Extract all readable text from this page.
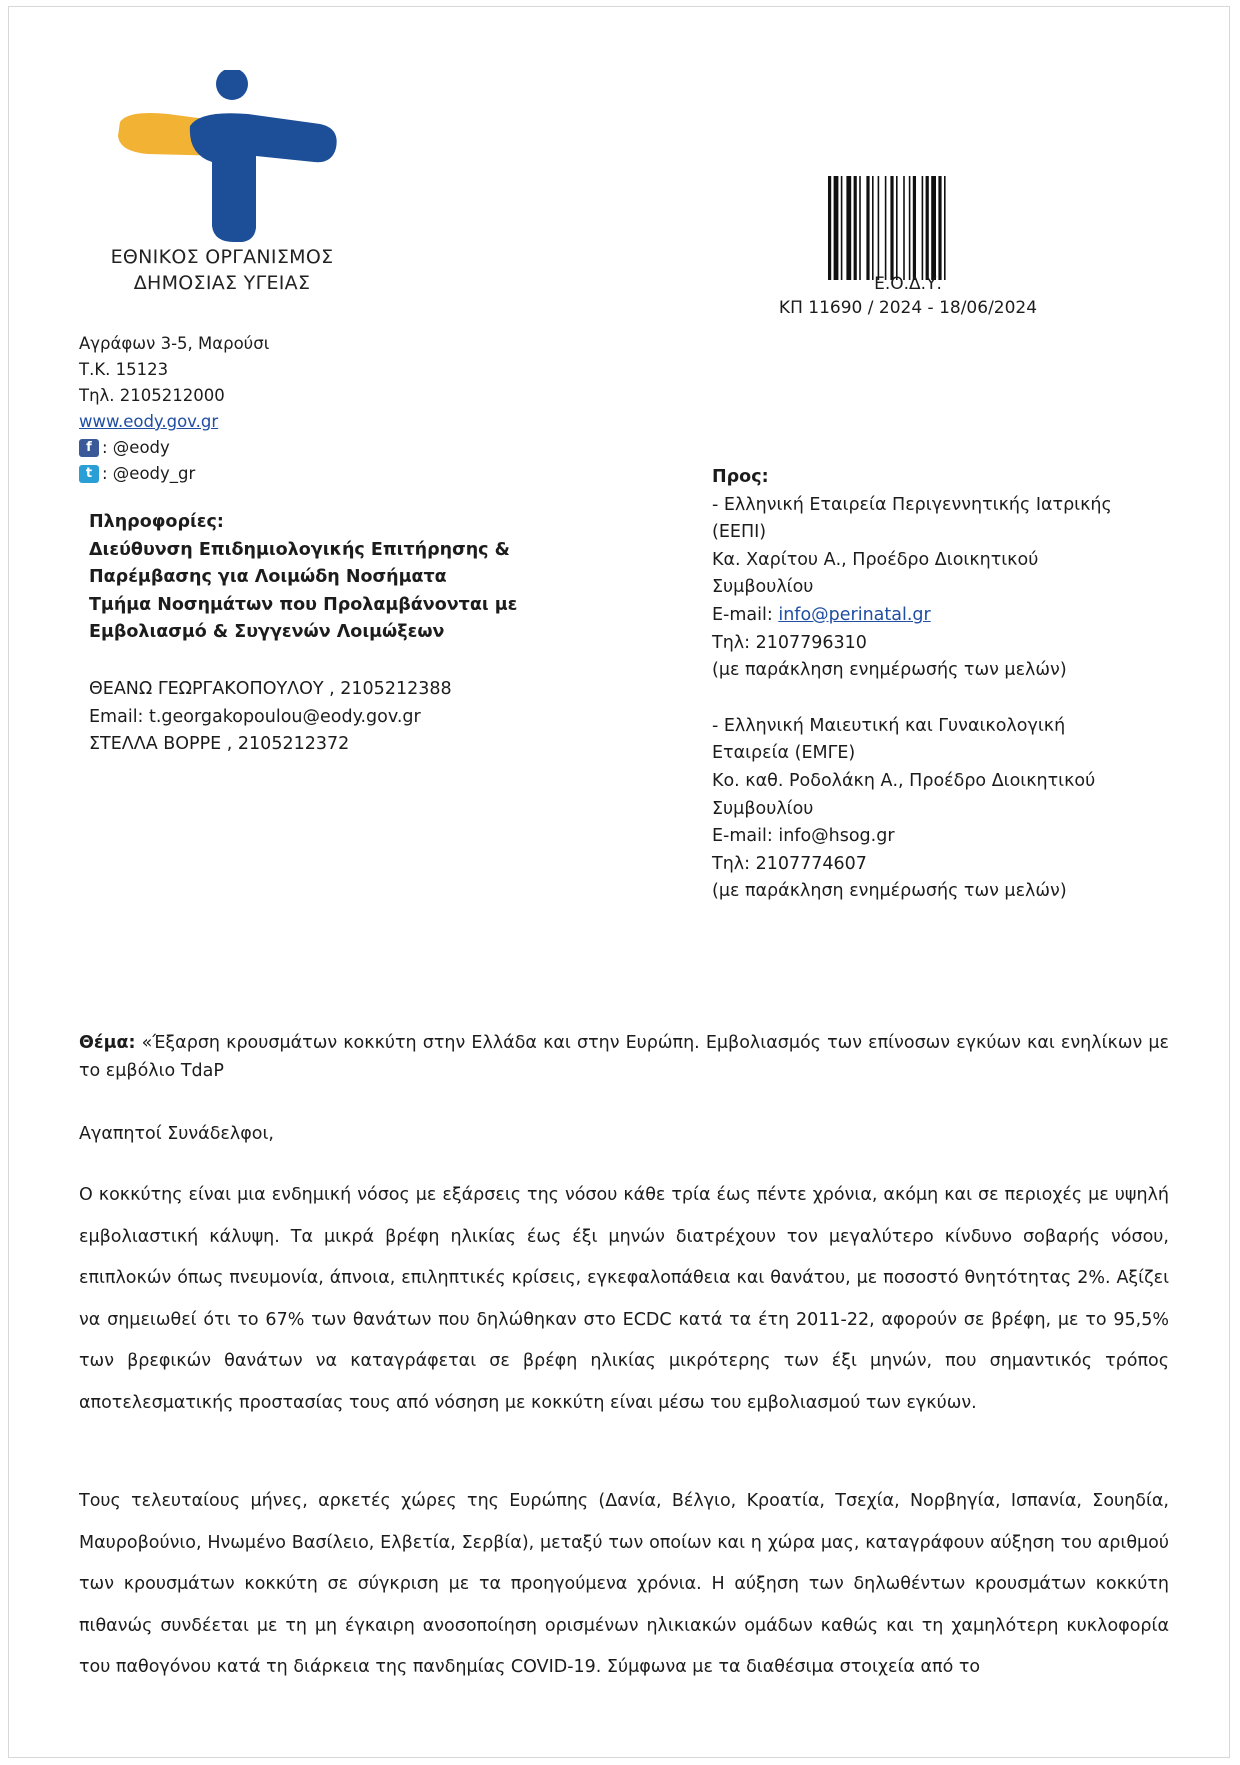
ΕΘΝΙΚΟΣ ΟΡΓΑΝΙΣΜΟΣ
ΔΗΜΟΣΙΑΣ ΥΓΕΙΑΣ
Αγράφων 3-5, Μαρούσι
Τ.Κ. 15123
Τηλ. 2105212000
www.eody.gov.gr
f : @eody
t : @eody_gr
Πληροφορίες:
Διεύθυνση Επιδημιολογικής Επιτήρησης &
Παρέμβασης για Λοιμώδη Νοσήματα
Τμήμα Νοσημάτων που Προλαμβάνονται με
Εμβολιασμό & Συγγενών Λοιμώξεων
ΘΕΑΝΩ ΓΕΩΡΓΑΚΟΠΟΥΛΟΥ , 2105212388
Email: t.georgakopoulou@eody.gov.gr
ΣΤΕΛΛΑ ΒΟΡΡΕ , 2105212372
Ε.Ο.Δ.Υ.
ΚΠ 11690 / 2024 - 18/06/2024
Προς:
- Ελληνική Εταιρεία Περιγεννητικής Ιατρικής
(ΕΕΠΙ)
Κα. Χαρίτου Α., Προέδρο Διοικητικού
Συμβουλίου
E-mail: info@perinatal.gr
Τηλ: 2107796310
(με παράκληση ενημέρωσής των μελών)
- Ελληνική Μαιευτική και Γυναικολογική
Εταιρεία (ΕΜΓΕ)
Κο. καθ. Ροδολάκη Α., Προέδρο Διοικητικού
Συμβουλίου
E-mail: info@hsog.gr
Τηλ: 2107774607
(με παράκληση ενημέρωσής των μελών)
Θέμα: «Έξαρση κρουσμάτων κοκκύτη στην Ελλάδα και στην Ευρώπη. Εμβολιασμός των επίνοσων εγκύων και ενηλίκων με το εμβόλιο TdaP
Αγαπητοί Συνάδελφοι,
Ο κοκκύτης είναι μια ενδημική νόσος με εξάρσεις της νόσου κάθε τρία έως πέντε χρόνια, ακόμη και σε περιοχές με υψηλή εμβολιαστική κάλυψη. Τα μικρά βρέφη ηλικίας έως έξι μηνών διατρέχουν τον μεγαλύτερο κίνδυνο σοβαρής νόσου, επιπλοκών όπως πνευμονία, άπνοια, επιληπτικές κρίσεις, εγκεφαλοπάθεια και θανάτου, με ποσοστό θνητότητας 2%. Αξίζει να σημειωθεί ότι το 67% των θανάτων που δηλώθηκαν στο ECDC κατά τα έτη 2011-22, αφορούν σε βρέφη, με το 95,5% των βρεφικών θανάτων να καταγράφεται σε βρέφη ηλικίας μικρότερης των έξι μηνών, που σημαντικός τρόπος αποτελεσματικής προστασίας τους από νόσηση με κοκκύτη είναι μέσω του εμβολιασμού των εγκύων.
Τους τελευταίους μήνες, αρκετές χώρες της Ευρώπης (Δανία, Βέλγιο, Κροατία, Τσεχία, Νορβηγία, Ισπανία, Σουηδία, Μαυροβούνιο, Ηνωμένο Βασίλειο, Ελβετία, Σερβία), μεταξύ των οποίων και η χώρα μας, καταγράφουν αύξηση του αριθμού των κρουσμάτων κοκκύτη σε σύγκριση με τα προηγούμενα χρόνια. Η αύξηση των δηλωθέντων κρουσμάτων κοκκύτη πιθανώς συνδέεται με τη μη έγκαιρη ανοσοποίηση ορισμένων ηλικιακών ομάδων καθώς και τη χαμηλότερη κυκλοφορία του παθογόνου κατά τη διάρκεια της πανδημίας COVID-19. Σύμφωνα με τα διαθέσιμα στοιχεία από το
